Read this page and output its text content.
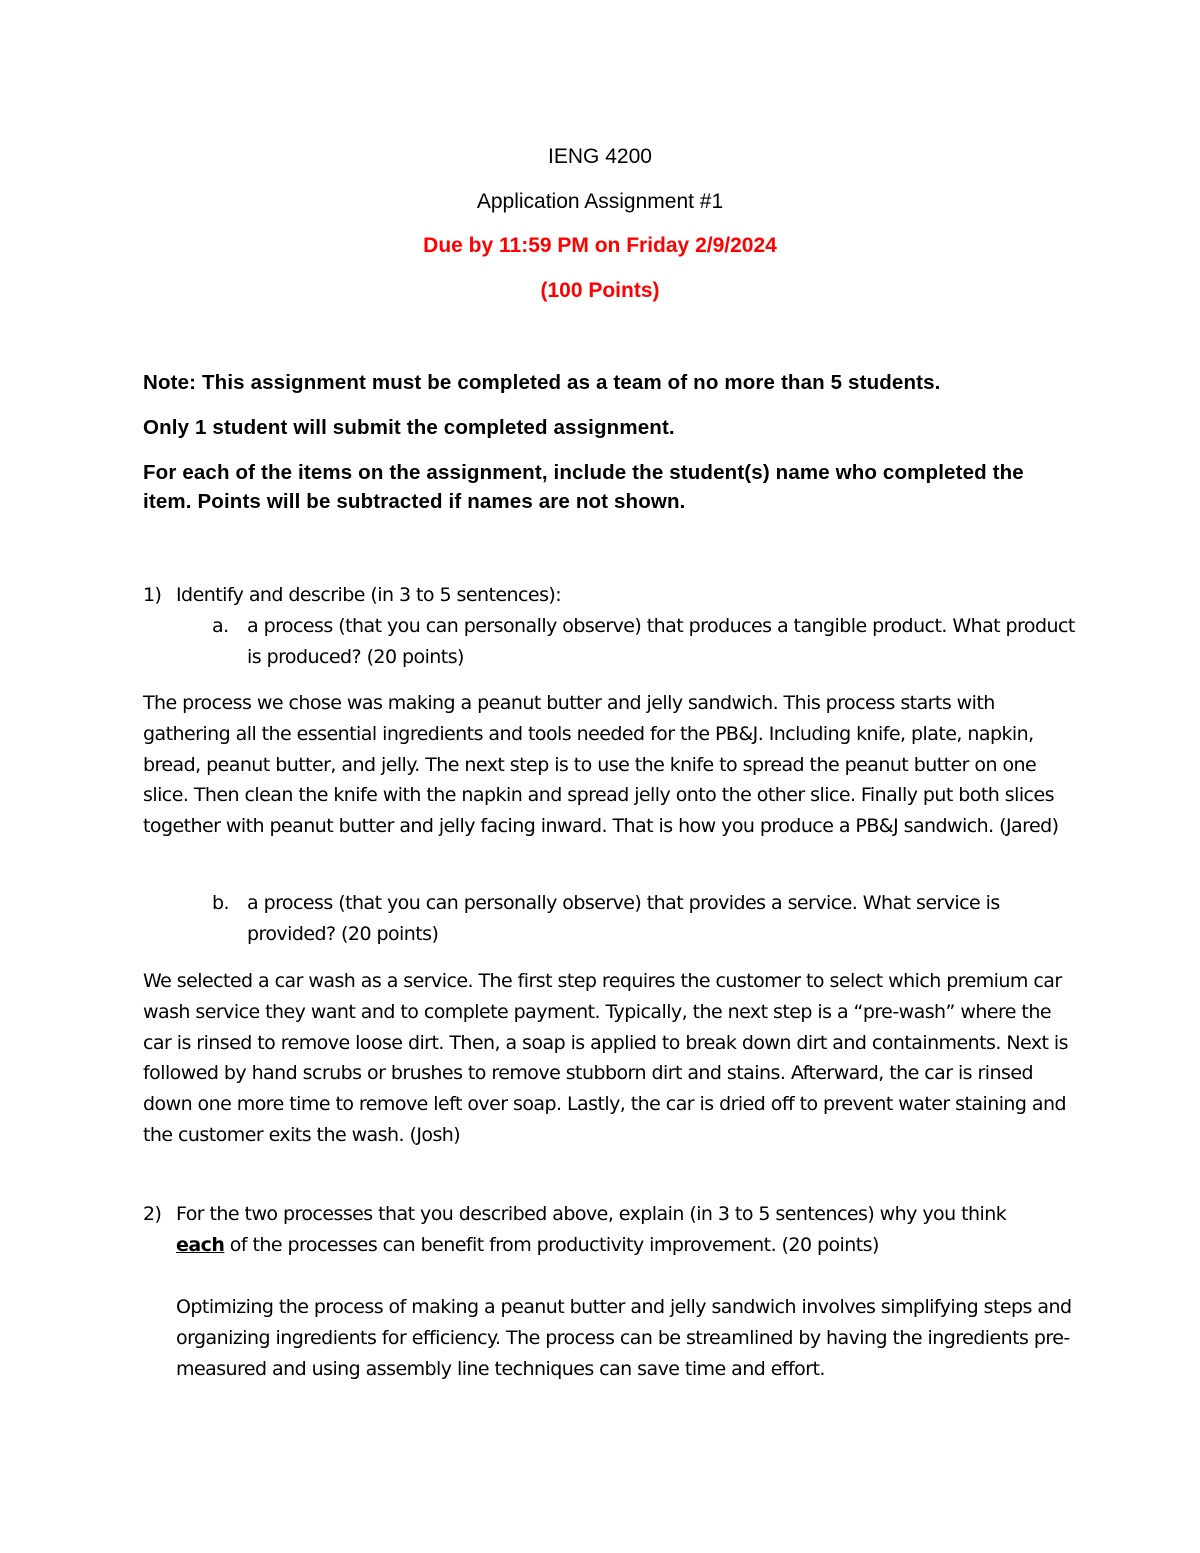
IENG 4200

Application Assignment #1

Due by 11:59 PM on Friday 2/9/2024

(100 Points)

Note: This assignment must be completed as a team of no more than 5 students.

Only 1 student will submit the completed assignment.

For each of the items on the assignment, include the student(s) name who completed the item. Points will be subtracted if names are not shown.

1) Identify and describe (in 3 to 5 sentences):

a. a process (that you can personally observe) that produces a tangible product. What product is produced? (20 points)

The process we chose was making a peanut butter and jelly sandwich. This process starts with gathering all the essential ingredients and tools needed for the PB&J. Including knife, plate, napkin, bread, peanut butter, and jelly. The next step is to use the knife to spread the peanut butter on one slice. Then clean the knife with the napkin and spread jelly onto the other slice. Finally put both slices together with peanut butter and jelly facing inward. That is how you produce a PB&J sandwich. (Jared)

b. a process (that you can personally observe) that provides a service. What service is provided? (20 points)

We selected a car wash as a service. The first step requires the customer to select which premium car wash service they want and to complete payment. Typically, the next step is a “pre-wash” where the car is rinsed to remove loose dirt. Then, a soap is applied to break down dirt and containments. Next is followed by hand scrubs or brushes to remove stubborn dirt and stains. Afterward, the car is rinsed down one more time to remove left over soap. Lastly, the car is dried off to prevent water staining and the customer exits the wash. (Josh)

2) For the two processes that you described above, explain (in 3 to 5 sentences) why you think
each of the processes can benefit from productivity improvement. (20 points)

Optimizing the process of making a peanut butter and jelly sandwich involves simplifying steps and organizing ingredients for efficiency. The process can be streamlined by having the ingredients pre-measured and using assembly line techniques can save time and effort.
